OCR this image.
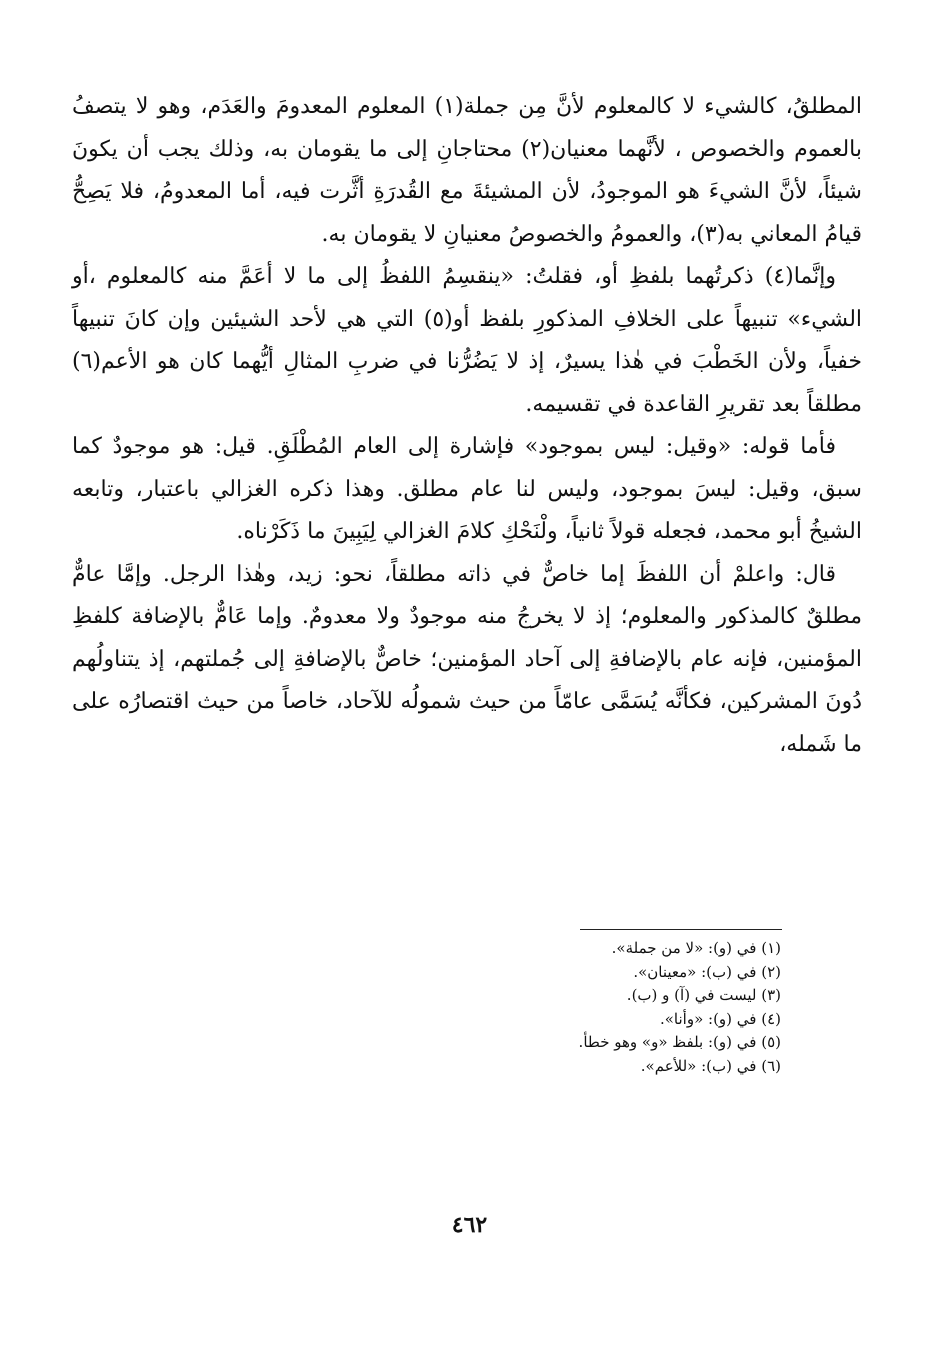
المطلقُ، كالشيء لا كالمعلوم لأنَّ مِن جملة(١) المعلوم المعدومَ والعَدَم، وهو لا يتصفُ بالعموم والخصوص ، لأنَّهما معنيان(٢) محتاجانِ إلى ما يقومان به، وذلك يجب أن يكونَ شيئاً، لأنَّ الشيءَ هو الموجودُ، لأن المشيئةَ مع القُدرَةِ أثَّرت فيه، أما المعدومُ، فلا يَصِحُّ قيامُ المعاني به(٣)، والعمومُ والخصوصُ معنيانِ لا يقومان به.

وإنَّما(٤) ذكرتُهما بلفظِ أو، فقلتُ: «ينقسِمُ اللفظُ إلى ما لا أعَمَّ منه كالمعلوم ،أو الشيء» تنبيهاً على الخلافِ المذكورِ بلفظ أو(٥) التي هي لأحد الشيئين وإن كانَ تنبيهاً خفياً، ولأن الخَطْبَ في هٰذا يسيرٌ، إذ لا يَضُرُّنا في ضربِ المثالِ أيُّهما كان هو الأعم(٦) مطلقاً بعد تقريرِ القاعدة في تقسيمه.

فأما قوله: «وقيل: ليس بموجود» فإشارة إلى العام المُطْلَقِ. قيل: هو موجودٌ كما سبق، وقيل: ليسَ بموجود، وليس لنا عام مطلق. وهذا ذكره الغزالي باعتبار، وتابعه الشيخُ أبو محمد، فجعله قولاً ثانياً، ولْنَحْكِ كلامَ الغزالي لِيَبِينَ ما ذَكَرْناه.

قال: واعلمْ أن اللفظَ إما خاصٌّ في ذاته مطلقاً، نحو: زيد، وهٰذا الرجل. وإمَّا عامٌّ مطلقٌ كالمذكور والمعلوم؛ إذ لا يخرجُ منه موجودٌ ولا معدومٌ. وإما عَامٌّ بالإضافة كلفظِ المؤمنين، فإنه عام بالإضافةِ إلى آحاد المؤمنين؛ خاصٌّ بالإضافةِ إلى جُملتهم، إذ يتناولُهم دُونَ المشركين، فكأنَّه يُسَمَّى عامّاً من حيث شمولُه للآحاد، خاصاً من حيث اقتصارُه على ما شَمله،

(١) في (و): «لا من جملة».
(٢) في (ب): «معينان».
(٣) ليست في (آ) و (ب).
(٤) في (و): «وأنا».
(٥) في (و): بلفظ «و» وهو خطأ.
(٦) في (ب): «للأعم».
٤٦٢
